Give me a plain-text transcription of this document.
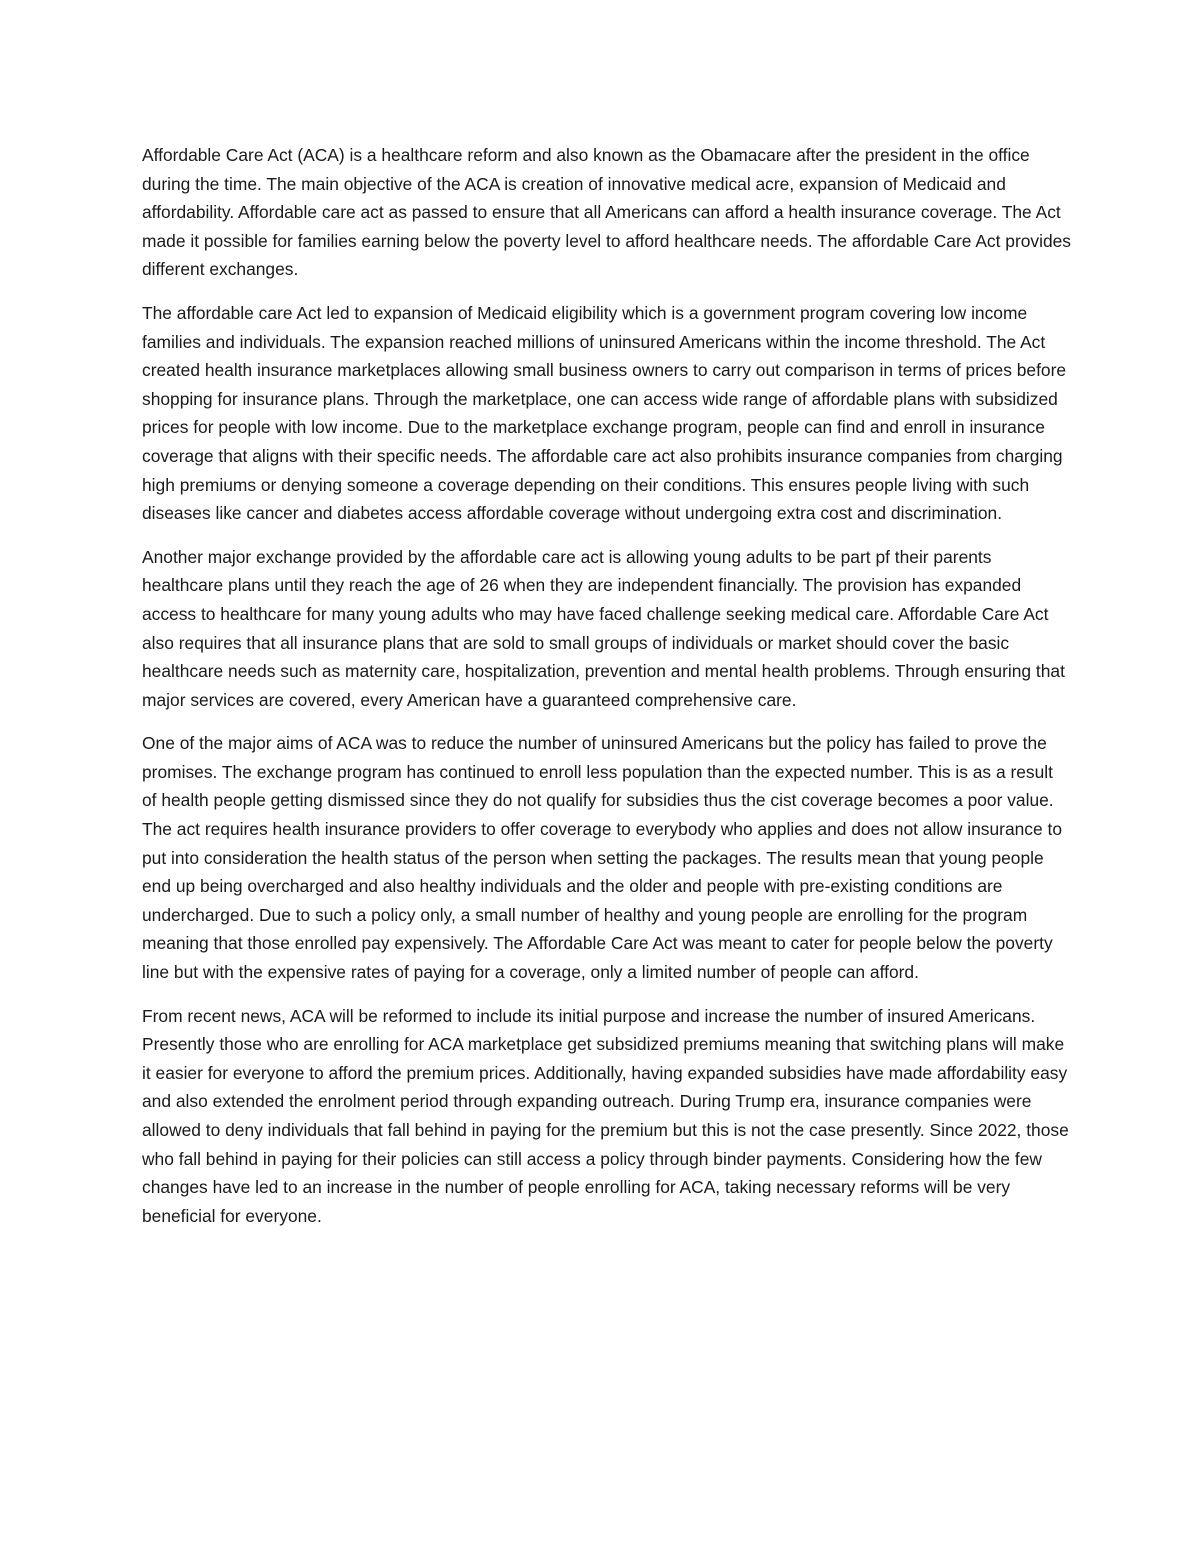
Affordable Care Act (ACA) is a healthcare reform and also known as the Obamacare after the president in the office during the time. The main objective of the ACA is creation of innovative medical acre, expansion of Medicaid and affordability. Affordable care act as passed to ensure that all Americans can afford a health insurance coverage. The Act made it possible for families earning below the poverty level to afford healthcare needs. The affordable Care Act provides different exchanges.

The affordable care Act led to expansion of Medicaid eligibility which is a government program covering low income families and individuals. The expansion reached millions of uninsured Americans within the income threshold. The Act created health insurance marketplaces allowing small business owners to carry out comparison in terms of prices before shopping for insurance plans. Through the marketplace, one can access wide range of affordable plans with subsidized prices for people with low income. Due to the marketplace exchange program, people can find and enroll in insurance coverage that aligns with their specific needs. The affordable care act also prohibits insurance companies from charging high premiums or denying someone a coverage depending on their conditions. This ensures people living with such diseases like cancer and diabetes access affordable coverage without undergoing extra cost and discrimination.

Another major exchange provided by the affordable care act is allowing young adults to be part pf their parents healthcare plans until they reach the age of 26 when they are independent financially. The provision has expanded access to healthcare for many young adults who may have faced challenge seeking medical care. Affordable Care Act also requires that all insurance plans that are sold to small groups of individuals or market should cover the basic healthcare needs such as maternity care, hospitalization, prevention and mental health problems. Through ensuring that major services are covered, every American have a guaranteed comprehensive care.

One of the major aims of ACA was to reduce the number of uninsured Americans but the policy has failed to prove the promises. The exchange program has continued to enroll less population than the expected number. This is as a result of health people getting dismissed since they do not qualify for subsidies thus the cist coverage becomes a poor value. The act requires health insurance providers to offer coverage to everybody who applies and does not allow insurance to put into consideration the health status of the person when setting the packages. The results mean that young people end up being overcharged and also healthy individuals and the older and people with pre-existing conditions are undercharged. Due to such a policy only, a small number of healthy and young people are enrolling for the program meaning that those enrolled pay expensively. The Affordable Care Act was meant to cater for people below the poverty line but with the expensive rates of paying for a coverage, only a limited number of people can afford.

From recent news, ACA will be reformed to include its initial purpose and increase the number of insured Americans. Presently those who are enrolling for ACA marketplace get subsidized premiums meaning that switching plans will make it easier for everyone to afford the premium prices. Additionally, having expanded subsidies have made affordability easy and also extended the enrolment period through expanding outreach. During Trump era, insurance companies were allowed to deny individuals that fall behind in paying for the premium but this is not the case presently. Since 2022, those who fall behind in paying for their policies can still access a policy through binder payments. Considering how the few changes have led to an increase in the number of people enrolling for ACA, taking necessary reforms will be very beneficial for everyone.
